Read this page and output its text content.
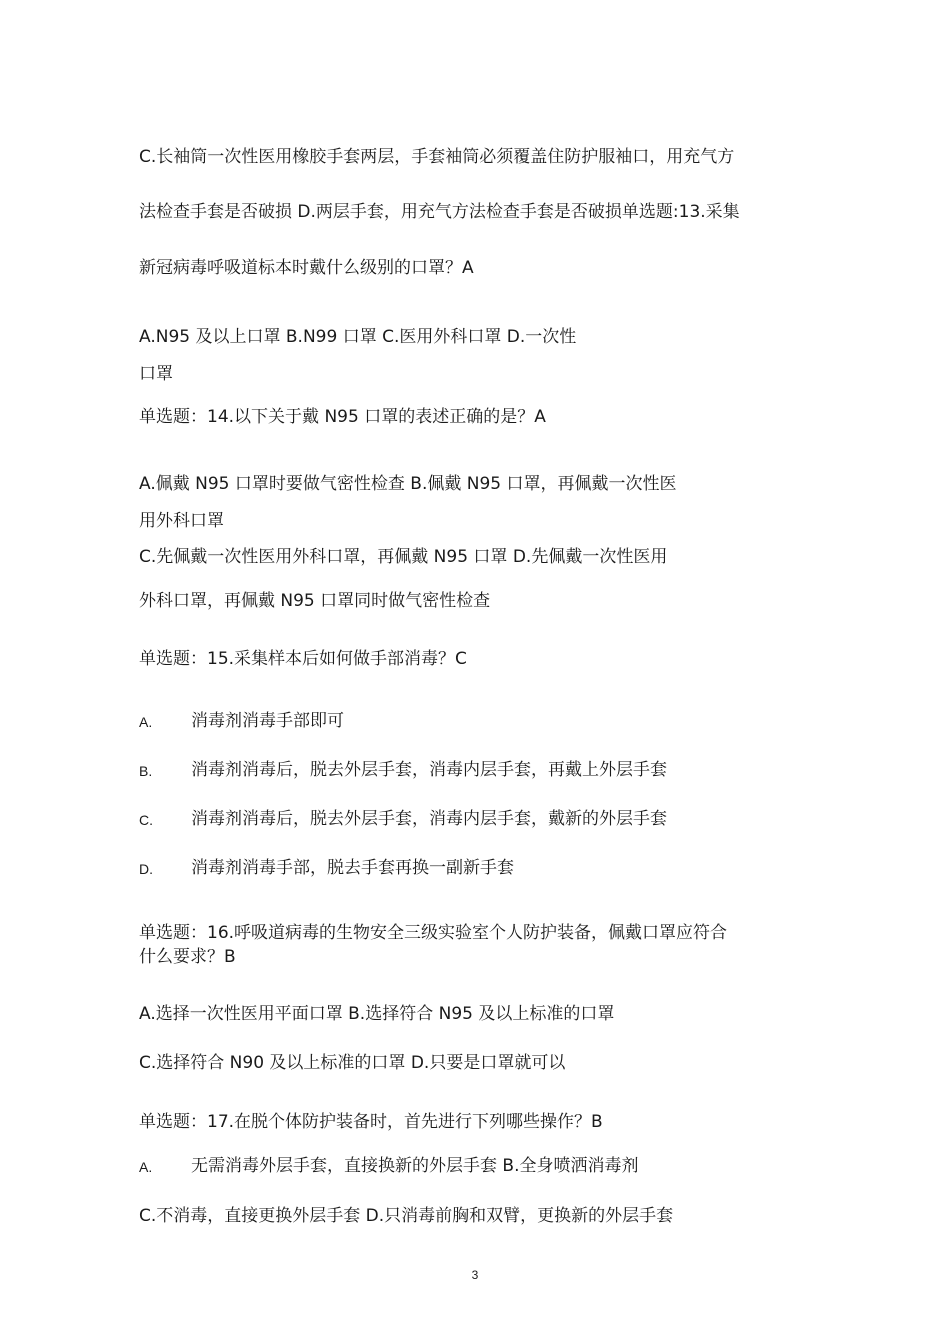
C.长袖筒一次性医用橡胶手套两层，手套袖筒必须覆盖住防护服袖口，用充气方

法检查手套是否破损 D.两层手套，用充气方法检查手套是否破损单选题:13.采集

新冠病毒呼吸道标本时戴什么级别的口罩？A

A.N95 及以上口罩 B.N99 口罩 C.医用外科口罩 D.一次性

口罩

单选题：14.以下关于戴 N95 口罩的表述正确的是？A

A.佩戴 N95 口罩时要做气密性检查 B.佩戴 N95 口罩，再佩戴一次性医

用外科口罩

C.先佩戴一次性医用外科口罩，再佩戴 N95 口罩 D.先佩戴一次性医用

外科口罩，再佩戴 N95 口罩同时做气密性检查

单选题：15.采集样本后如何做手部消毒？C

A. 消毒剂消毒手部即可
B. 消毒剂消毒后，脱去外层手套，消毒内层手套，再戴上外层手套
C. 消毒剂消毒后，脱去外层手套，消毒内层手套，戴新的外层手套
D. 消毒剂消毒手部，脱去手套再换一副新手套

单选题：16.呼吸道病毒的生物安全三级实验室个人防护装备，佩戴口罩应符合

什么要求？B

A.选择一次性医用平面口罩 B.选择符合 N95 及以上标准的口罩

C.选择符合 N90 及以上标准的口罩 D.只要是口罩就可以

单选题：17.在脱个体防护装备时，首先进行下列哪些操作？B

A. 无需消毒外层手套，直接换新的外层手套 B.全身喷洒消毒剂

C.不消毒，直接更换外层手套 D.只消毒前胸和双臂，更换新的外层手套

3
